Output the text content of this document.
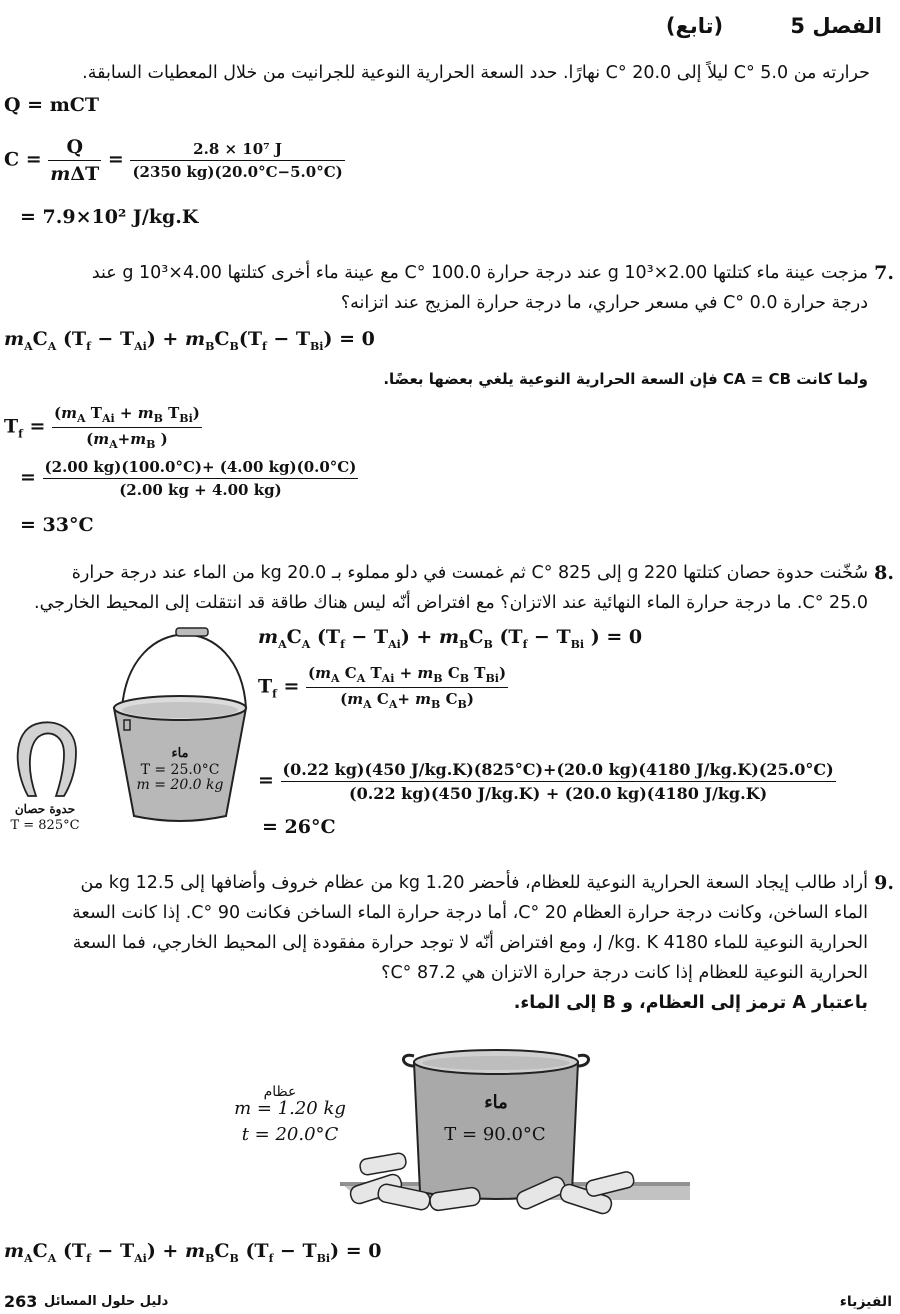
الفصل 5 (تابع)
حرارته من 5.0 °C ليلاً إلى 20.0 °C نهارًا. حدد السعة الحرارية النوعية للجرانيت من خلال المعطيات السابقة.
Q = mCT
$C = \frac{Q}{\text{mΔT}} = \frac{\text{2.8 × 10⁷ J}}{(2350 kg)(20.0^\circ C-5.0^\circ C)}$
= 7.9×10² J/kg.K
7.
مزجت عينة ماء كتلتها 2.00×10³ g عند درجة حرارة 100.0 °C مع عينة ماء أخرى كتلتها 4.00×10³ g عند
درجة حرارة 0.0 °C في مسعر حراري، ما درجة حرارة المزيج عند اتزانه؟
$m_AC_A$ $(T_f - T_{Ai}) + m_BC_B(T_f - T_{Bi}) = 0$
ولما كانت CA = CB فإن السعة الحرارية النوعية يلغي بعضها بعضًا.
$T_f = \frac{(m_A T_{Ai} + m_B T_{Bi})}{(m_A+m_B )}$
= $\frac{(2.00 kg)(100.0^\circ C)+ (4.00 kg)(0.0^\circ C)}{(2.00 kg + 4.00 kg)}$
= 33°C
8.
سُخّنت حدوة حصان كتلتها 220 g إلى 825 °C ثم غمست في دلو مملوء بـ 20.0 kg من الماء عند درجة حرارة
25.0 °C. ما درجة حرارة الماء النهائية عند الاتزان؟ مع افتراض أنّه ليس هناك طاقة قد انتقلت إلى المحيط الخارجي.
ماء
T = 25.0°C
m = 20.0 kg
حدوة حصان
T = 825°C
$m_AC_A$ $(T_f - T_{Ai}) + m_BC_B$ ($T_f - T_{Bi}$ ) = 0
$T_f = \frac{(m_A C_A T_{Ai} + m_B C_B T_{Bi})}{(m_A C_A+ m_B C_B)}$
= $\frac{(0.22 kg)(450 J/kg.K)(825^\circ C)+(20.0 kg)(4180 J/kg.K)(25.0^\circ C)}{(0.22 kg)(450 J/kg.K) + (20.0 kg)(4180 J/kg.K)}$
= 26°C
9.
أراد طالب إيجاد السعة الحرارية النوعية للعظام، فأحضر 1.20 kg من عظام خروف وأضافها إلى 12.5 kg من
الماء الساخن، وكانت درجة حرارة العظام 20 °C، أما درجة حرارة الماء الساخن فكانت 90 °C. إذا كانت السعة
الحرارية النوعية للماء 4180 J /kg. K، ومع افتراض أنّه لا توجد حرارة مفقودة إلى المحيط الخارجي، فما السعة
الحرارية النوعية للعظام إذا كانت درجة حرارة الاتزان هي 87.2 °C؟
باعتبار A ترمز إلى العظام، و B إلى الماء.
عظام
m = 1.20 kg
t = 20.0°C
ماء
T = 90.0°C
$m_AC_A$ $(T_f - T_{Ai}) + m_BC_B$ $(T_f - T_{Bi}) = 0$
263 دليل حلول المسائل	الفيزياء
